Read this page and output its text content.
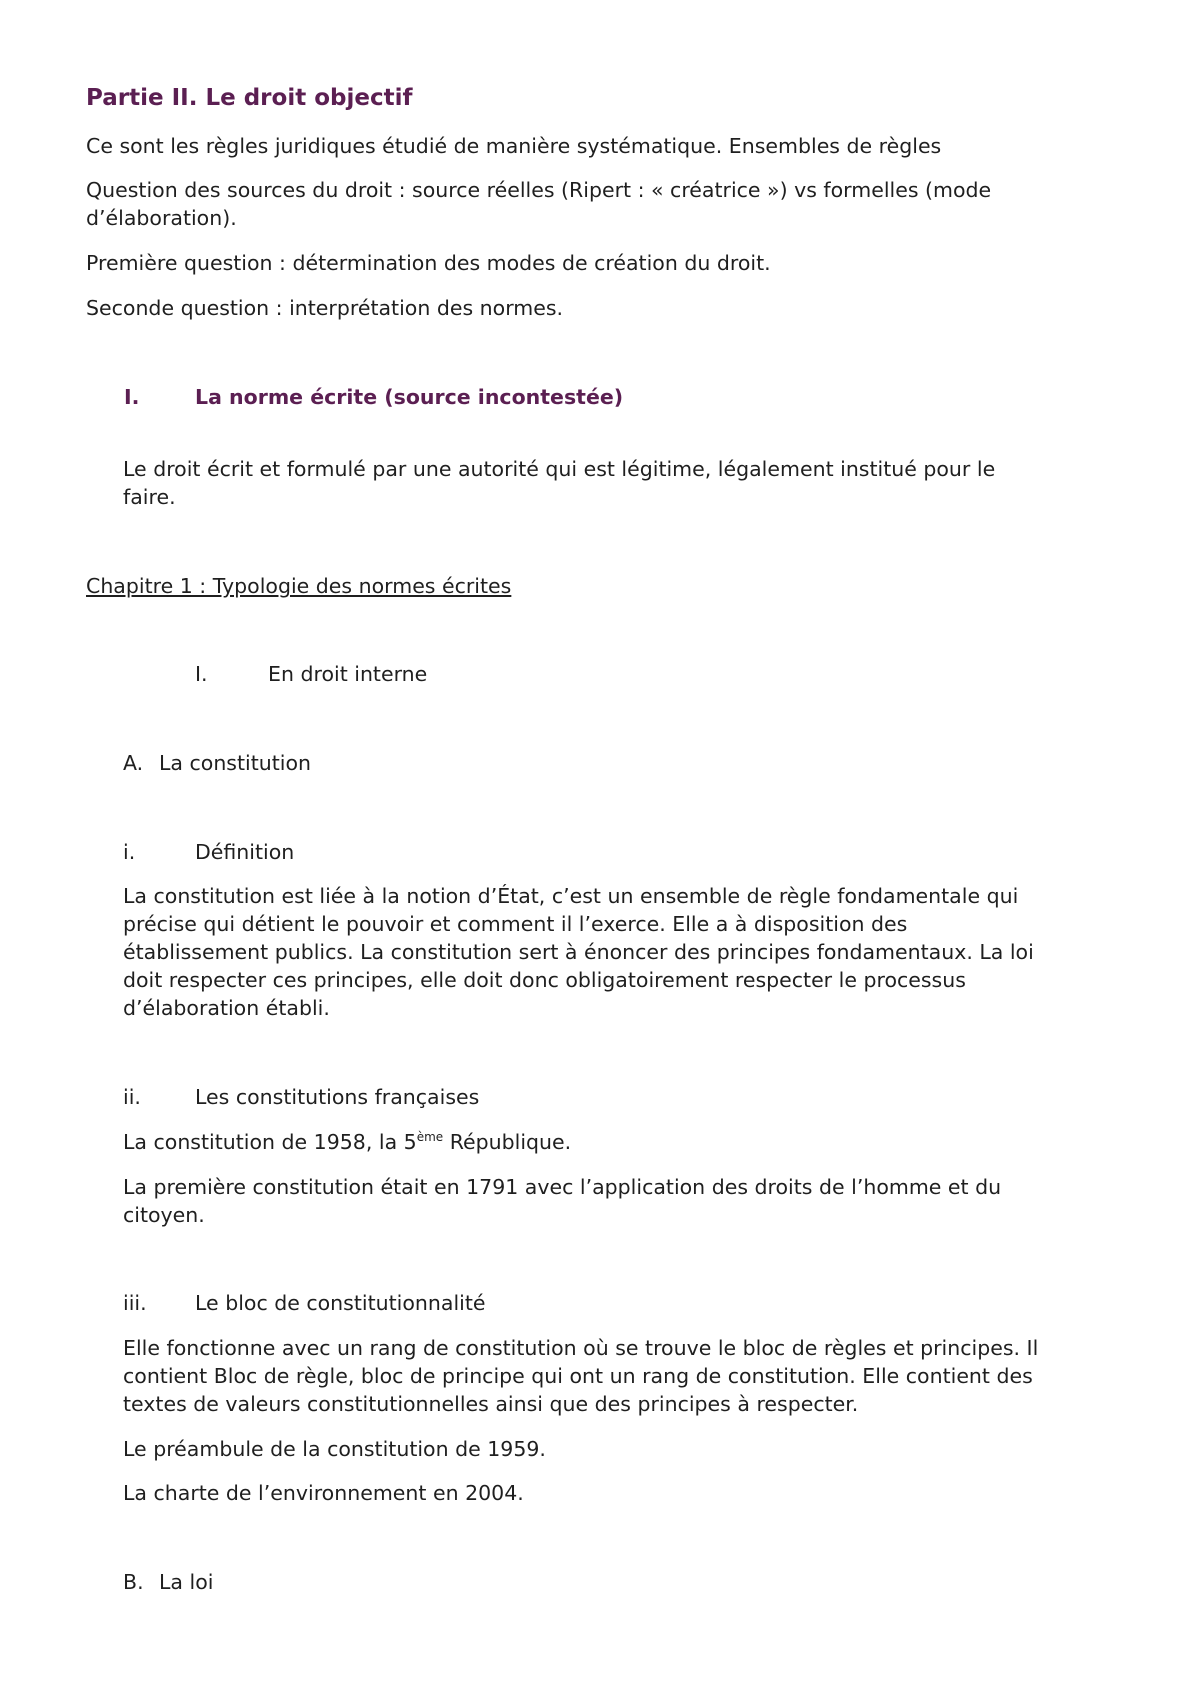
Partie II. Le droit objectif

Ce sont les règles juridiques étudié de manière systématique. Ensembles de règles

Question des sources du droit : source réelles (Ripert : « créatrice ») vs formelles (mode

d’élaboration).

Première question : détermination des modes de création du droit.

Seconde question : interprétation des normes.

I.	La norme écrite (source incontestée)

Le droit écrit et formulé par une autorité qui est légitime, légalement institué pour le

faire.

Chapitre 1 : Typologie des normes écrites

I.	En droit interne

A. La constitution

i.	Définition

La constitution est liée à la notion d’État, c’est un ensemble de règle fondamentale qui

précise qui détient le pouvoir et comment il l’exerce. Elle a à disposition des

établissement publics. La constitution sert à énoncer des principes fondamentaux. La loi

doit respecter ces principes, elle doit donc obligatoirement respecter le processus

d’élaboration établi.

ii.	Les constitutions françaises

La constitution de 1958, la 5ème République.

La première constitution était en 1791 avec l’application des droits de l’homme et du

citoyen.

iii. Le bloc de constitutionnalité

Elle fonctionne avec un rang de constitution où se trouve le bloc de règles et principes. Il

contient Bloc de règle, bloc de principe qui ont un rang de constitution. Elle contient des

textes de valeurs constitutionnelles ainsi que des principes à respecter.

Le préambule de la constitution de 1959.

La charte de l’environnement en 2004.

B. La loi
